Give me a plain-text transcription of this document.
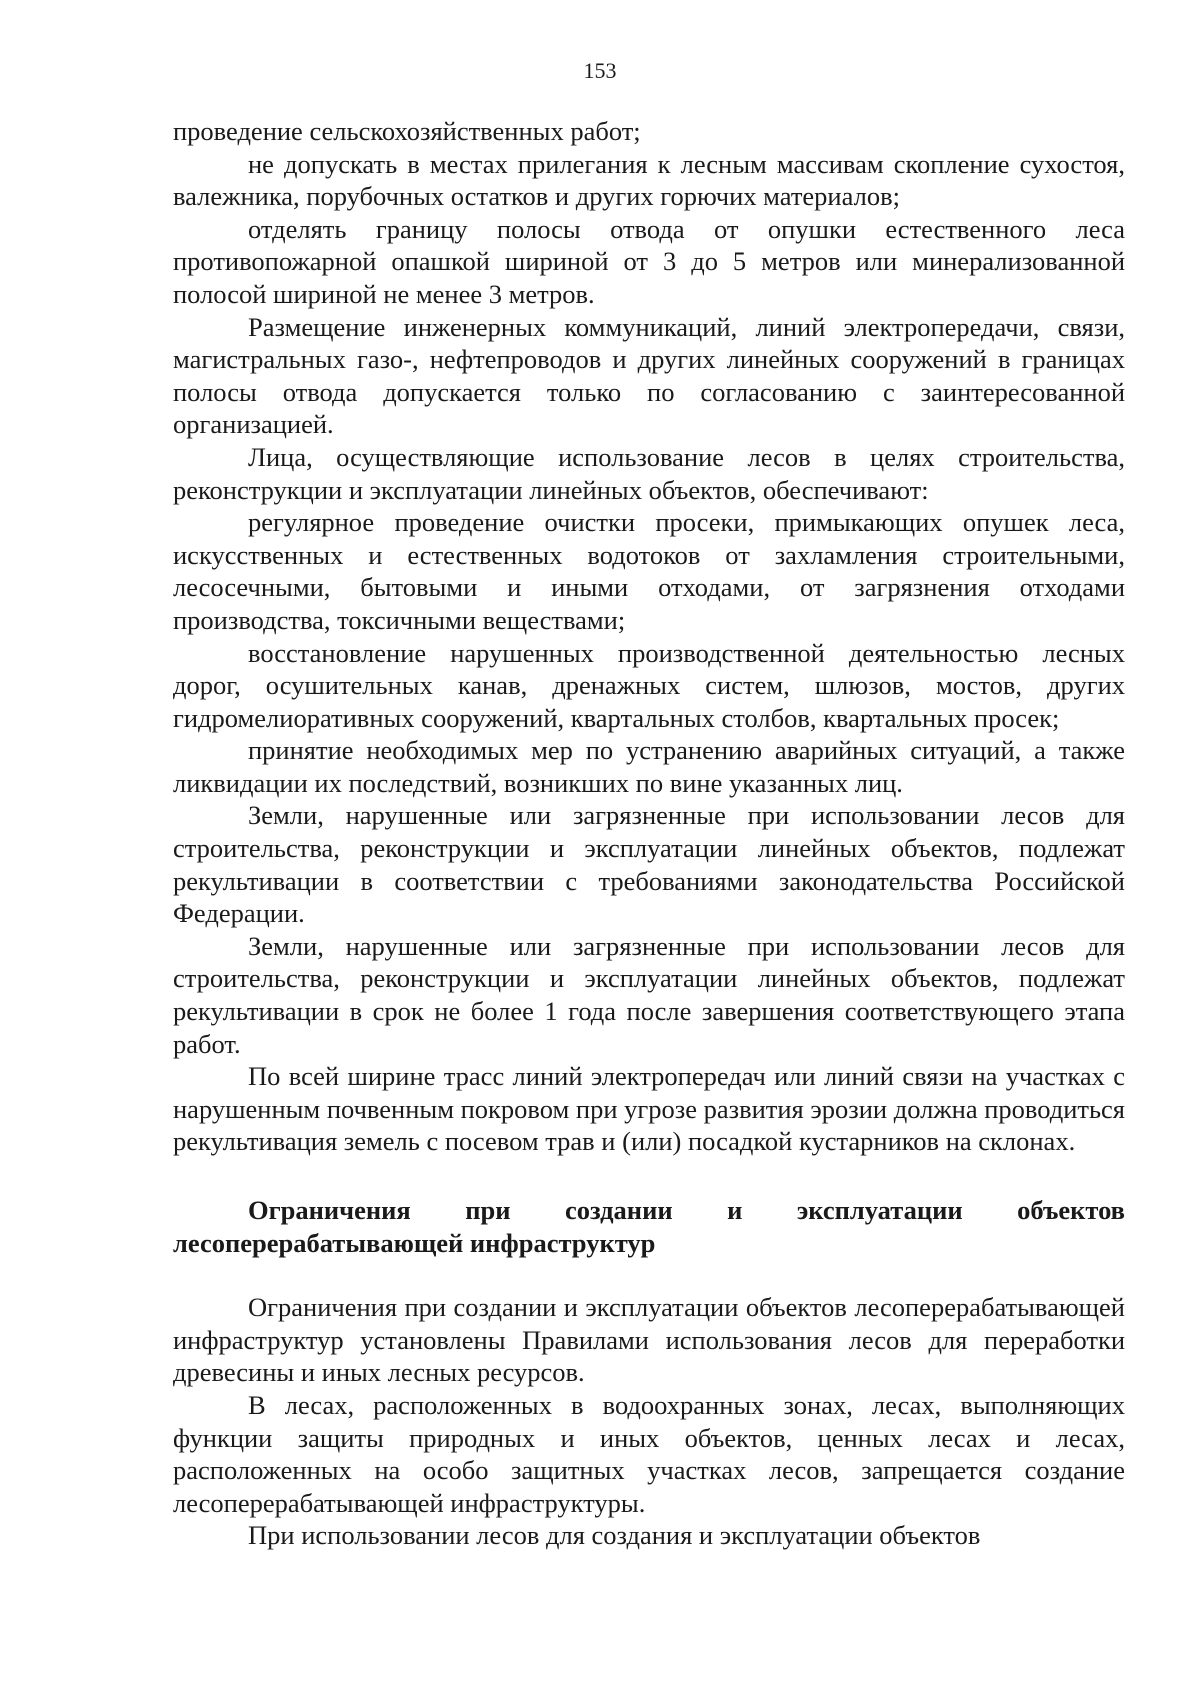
153

проведение сельскохозяйственных работ;

не допускать в местах прилегания к лесным массивам скопление сухостоя, валежника, порубочных остатков и других горючих материалов;

отделять границу полосы отвода от опушки естественного леса противопожарной опашкой шириной от 3 до 5 метров или минерализованной полосой шириной не менее 3 метров.

Размещение инженерных коммуникаций, линий электропередачи, связи, магистральных газо-, нефтепроводов и других линейных сооружений в границах полосы отвода допускается только по согласованию с заинтересованной организацией.

Лица, осуществляющие использование лесов в целях строительства, реконструкции и эксплуатации линейных объектов, обеспечивают:

регулярное проведение очистки просеки, примыкающих опушек леса, искусственных и естественных водотоков от захламления строительными, лесосечными, бытовыми и иными отходами, от загрязнения отходами производства, токсичными веществами;

восстановление нарушенных производственной деятельностью лесных дорог, осушительных канав, дренажных систем, шлюзов, мостов, других гидромелиоративных сооружений, квартальных столбов, квартальных просек;

принятие необходимых мер по устранению аварийных ситуаций, а также ликвидации их последствий, возникших по вине указанных лиц.

Земли, нарушенные или загрязненные при использовании лесов для строительства, реконструкции и эксплуатации линейных объектов, подлежат рекультивации в соответствии с требованиями законодательства Российской Федерации.

Земли, нарушенные или загрязненные при использовании лесов для строительства, реконструкции и эксплуатации линейных объектов, подлежат рекультивации в срок не более 1 года после завершения соответствующего этапа работ.

По всей ширине трасс линий электропередач или линий связи на участках с нарушенным почвенным покровом при угрозе развития эрозии должна проводиться рекультивация земель с посевом трав и (или) посадкой кустарников на склонах.

Ограничения при создании и эксплуатации объектов лесоперерабатывающей инфраструктур

Ограничения при создании и эксплуатации объектов лесоперерабатывающей инфраструктур установлены Правилами использования лесов для переработки древесины и иных лесных ресурсов.

В лесах, расположенных в водоохранных зонах, лесах, выполняющих функции защиты природных и иных объектов, ценных лесах и лесах, расположенных на особо защитных участках лесов, запрещается создание лесоперерабатывающей инфраструктуры.

При использовании лесов для создания и эксплуатации объектов
